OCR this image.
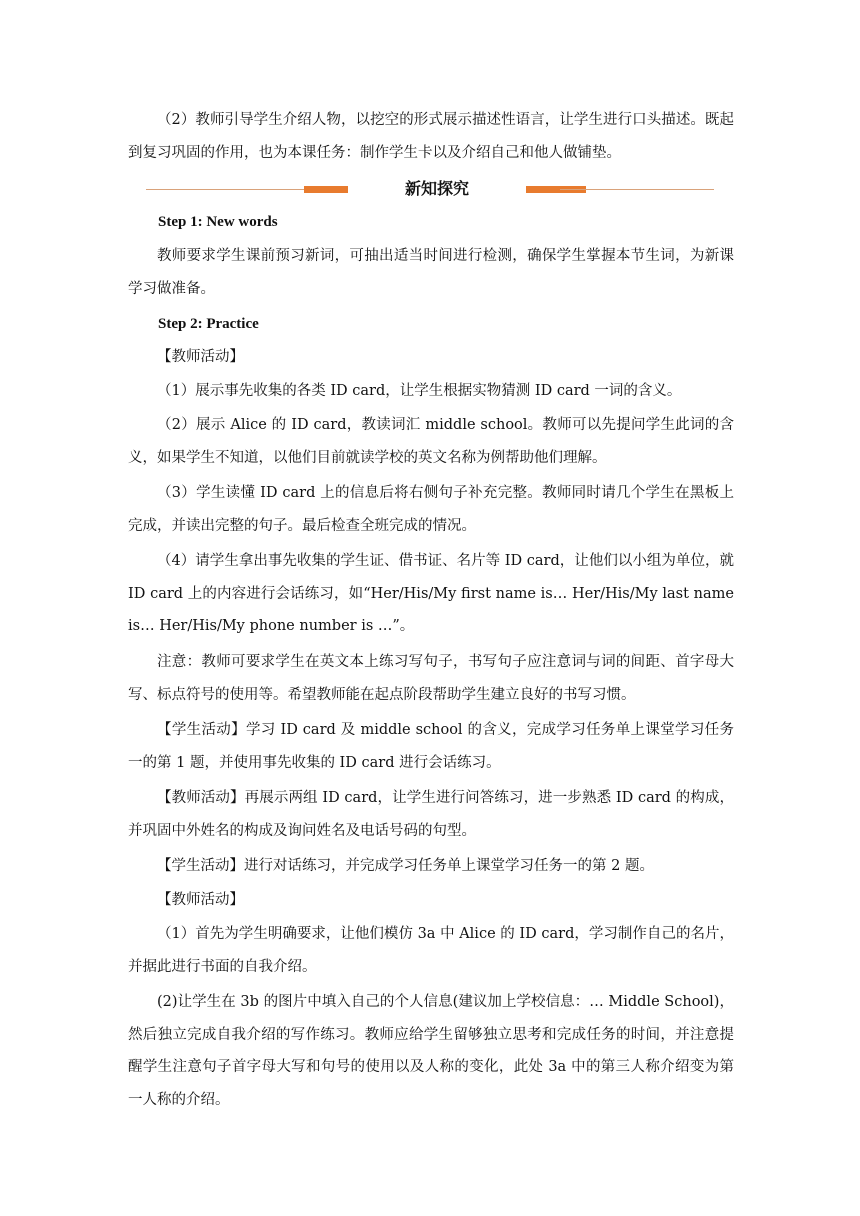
（2）教师引导学生介绍人物，以挖空的形式展示描述性语言，让学生进行口头描述。既起到复习巩固的作用，也为本课任务：制作学生卡以及介绍自己和他人做铺垫。

新知探究

Step 1: New words

教师要求学生课前预习新词，可抽出适当时间进行检测，确保学生掌握本节生词，为新课学习做准备。

Step 2: Practice

【教师活动】

（1）展示事先收集的各类 ID card，让学生根据实物猜测 ID card 一词的含义。

（2）展示 Alice 的 ID card，教读词汇 middle school。教师可以先提问学生此词的含义，如果学生不知道，以他们目前就读学校的英文名称为例帮助他们理解。

（3）学生读懂 ID card 上的信息后将右侧句子补充完整。教师同时请几个学生在黑板上完成，并读出完整的句子。最后检查全班完成的情况。

（4）请学生拿出事先收集的学生证、借书证、名片等 ID card，让他们以小组为单位，就 ID card 上的内容进行会话练习，如“Her/His/My first name is… Her/His/My last name is… Her/His/My phone number is …”。

注意：教师可要求学生在英文本上练习写句子，书写句子应注意词与词的间距、首字母大写、标点符号的使用等。希望教师能在起点阶段帮助学生建立良好的书写习惯。

【学生活动】学习 ID card 及 middle school 的含义，完成学习任务单上课堂学习任务一的第 1 题，并使用事先收集的 ID card 进行会话练习。

【教师活动】再展示两组 ID card，让学生进行问答练习，进一步熟悉 ID card 的构成，并巩固中外姓名的构成及询问姓名及电话号码的句型。

【学生活动】进行对话练习，并完成学习任务单上课堂学习任务一的第 2 题。

【教师活动】

（1）首先为学生明确要求，让他们模仿 3a 中 Alice 的 ID card，学习制作自己的名片，并据此进行书面的自我介绍。

(2)让学生在 3b 的图片中填入自己的个人信息(建议加上学校信息：… Middle School)，然后独立完成自我介绍的写作练习。教师应给学生留够独立思考和完成任务的时间，并注意提醒学生注意句子首字母大写和句号的使用以及人称的变化，此处 3a 中的第三人称介绍变为第一人称的介绍。
